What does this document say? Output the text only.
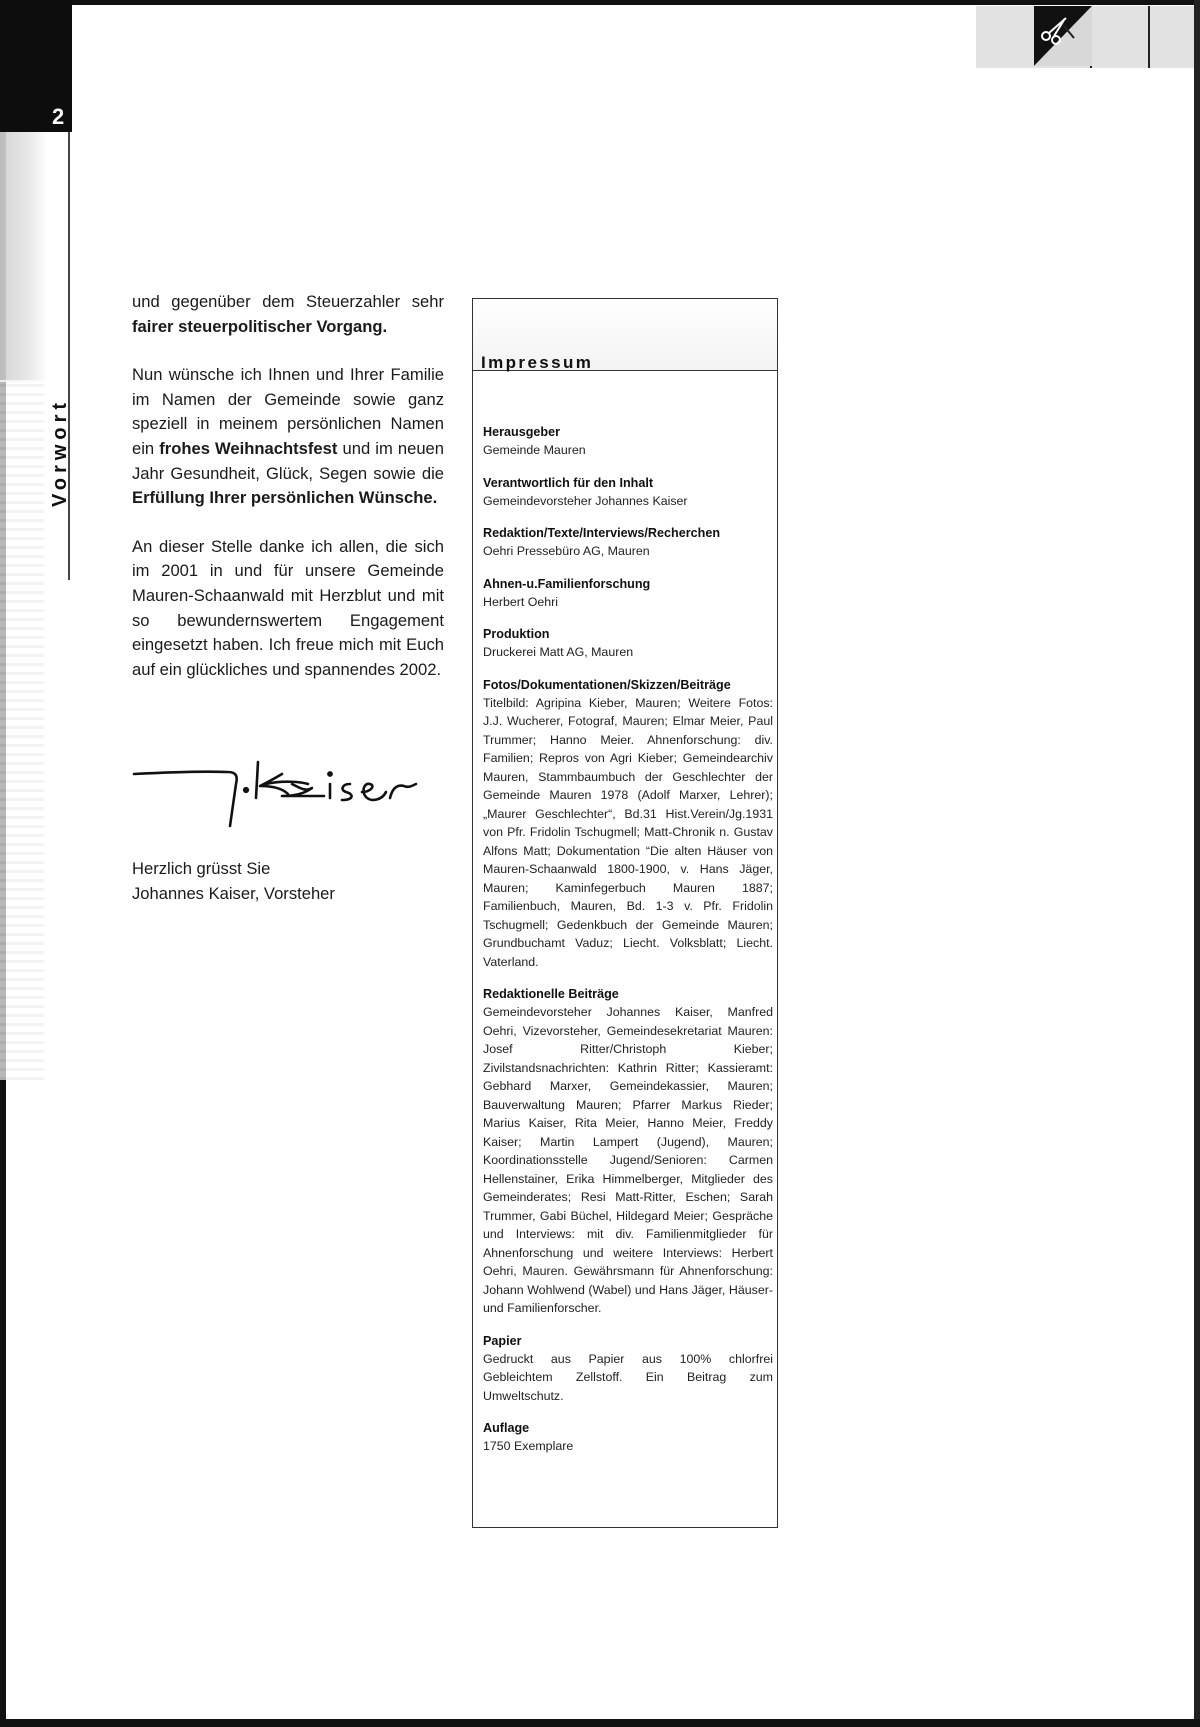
2
Vorwort

und gegenüber dem Steuerzahler sehr fairer steuerpolitischer Vorgang.

Nun wünsche ich Ihnen und Ihrer Familie im Namen der Gemeinde sowie ganz speziell in meinem persönlichen Namen ein frohes Weihnachtsfest und im neuen Jahr Gesundheit, Glück, Segen sowie die Erfüllung Ihrer persönlichen Wünsche.

An dieser Stelle danke ich allen, die sich im 2001 in und für unsere Gemeinde Mauren-Schaanwald mit Herzblut und mit so bewundernswertem Engagement eingesetzt haben. Ich freue mich mit Euch auf ein glückliches und spannendes 2002.

Herzlich grüsst Sie
Johannes Kaiser, Vorsteher
Impressum
Herausgeber
Gemeinde Mauren
Verantwortlich für den Inhalt
Gemeindevorsteher Johannes Kaiser
Redaktion/Texte/Interviews/Recherchen
Oehri Pressebüro AG, Mauren
Ahnen-u.Familienforschung
Herbert Oehri
Produktion
Druckerei Matt AG, Mauren
Fotos/Dokumentationen/Skizzen/Beiträge
Titelbild: Agripina Kieber, Mauren; Weitere Fotos: J.J. Wucherer, Fotograf, Mauren; Elmar Meier, Paul Trummer; Hanno Meier. Ahnenforschung: div. Familien; Repros von Agri Kieber; Gemeindearchiv Mauren, Stammbaumbuch der Geschlechter der Gemeinde Mauren 1978 (Adolf Marxer, Lehrer); „Maurer Geschlechter“, Bd.31 Hist.Verein/Jg.1931 von Pfr. Fridolin Tschugmell; Matt-Chronik n. Gustav Alfons Matt; Dokumentation “Die alten Häuser von Mauren-Schaanwald 1800-1900, v. Hans Jäger, Mauren; Kaminfegerbuch Mauren 1887; Familienbuch, Mauren, Bd. 1-3 v. Pfr. Fridolin Tschugmell; Gedenkbuch der Gemeinde Mauren; Grundbuchamt Vaduz; Liecht. Volksblatt; Liecht. Vaterland.
Redaktionelle Beiträge
Gemeindevorsteher Johannes Kaiser, Manfred Oehri, Vizevorsteher, Gemeindesekretariat Mauren: Josef Ritter/Christoph Kieber; Zivilstandsnachrichten: Kathrin Ritter; Kassieramt: Gebhard Marxer, Gemeindekassier, Mauren; Bauverwaltung Mauren; Pfarrer Markus Rieder; Marius Kaiser, Rita Meier, Hanno Meier, Freddy Kaiser; Martin Lampert (Jugend), Mauren; Koordinationsstelle Jugend/Senioren: Carmen Hellenstainer, Erika Himmelberger, Mitglieder des Gemeinderates; Resi Matt-Ritter, Eschen; Sarah Trummer, Gabi Büchel, Hildegard Meier; Gespräche und Interviews: mit div. Familienmitglieder für Ahnenforschung und weitere Interviews: Herbert Oehri, Mauren. Gewährsmann für Ahnenforschung: Johann Wohlwend (Wabel) und Hans Jäger, Häuser- und Familienforscher.
Papier
Gedruckt aus Papier aus 100% chlorfrei Gebleichtem Zellstoff. Ein Beitrag zum Umweltschutz.
Auflage
1750 Exemplare
